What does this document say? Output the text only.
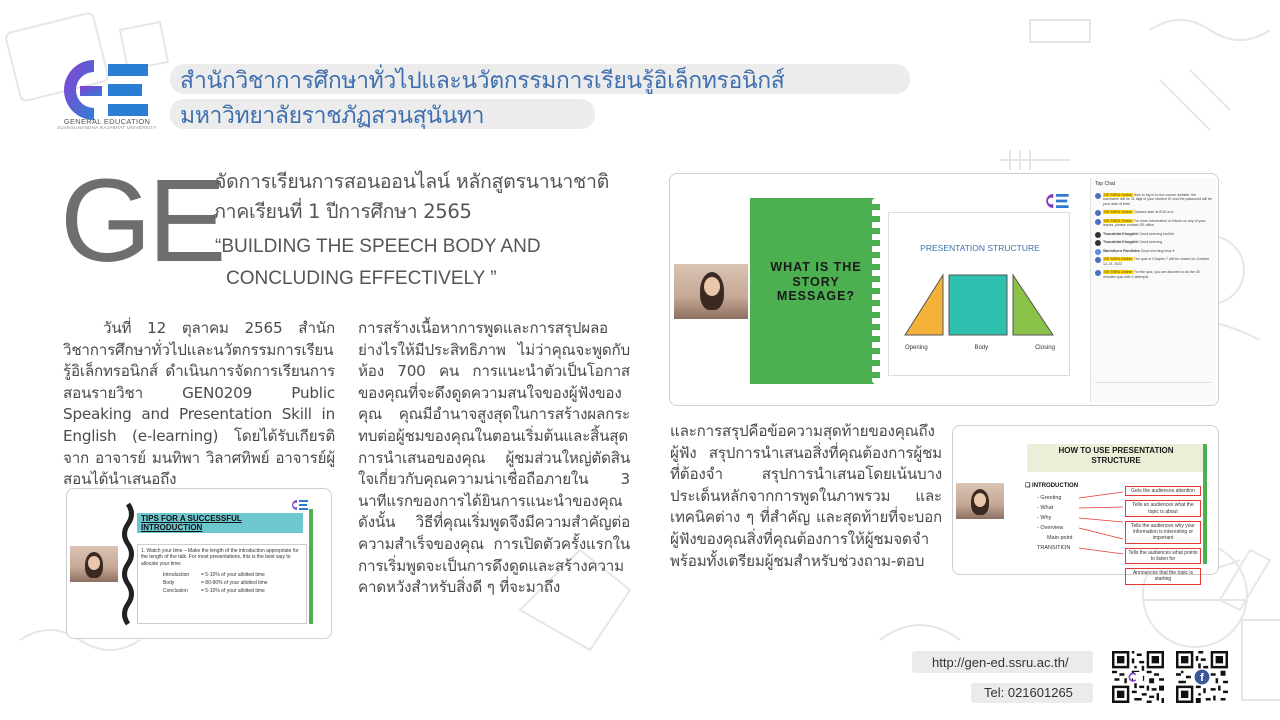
GENERAL EDUCATION
SUANSUNANDHA RAJABHAT UNIVERSITY
สำนักวิชาการศึกษาทั่วไปและนวัตกรรมการเรียนรู้อิเล็กทรอนิกส์
มหาวิทยาลัยราชภัฏสวนสุนันทา
GE
จัดการเรียนการสอนออนไลน์ หลักสูตรนานาชาติ
ภาคเรียนที่ 1 ปีการศึกษา 2565
“BUILDING THE SPEECH BODY AND
CONCLUDING EFFECTIVELY ”
วันที่ 12 ตุลาคม 2565 สำนักวิชาการศึกษาทั่วไปและนวัตกรรมการเรียนรู้อิเล็กทรอนิกส์ ดำเนินการจัดการเรียนการสอนรายวิชา GEN0209 Public Speaking and Presentation Skill in English (e-learning) โดยได้รับเกียรติจาก อาจารย์ มนทิพา วิลาศทิพย์ อาจารย์ผู้สอนได้นำเสนอถึง
การสร้างเนื้อหาการพูดและการสรุปผลอย่างไรให้มีประสิทธิภาพ ไม่ว่าคุณจะพูดกับห้อง 700 คน การแนะนำตัวเป็นโอกาสของคุณที่จะดึงดูดความสนใจของผู้ฟังของคุณ คุณมีอำนาจสูงสุดในการสร้างผลกระทบต่อผู้ชมของคุณในตอนเริ่มต้นและสิ้นสุดการนำเสนอของคุณ ผู้ชมส่วนใหญ่ตัดสินใจเกี่ยวกับคุณความน่าเชื่อถือภายใน 3 นาทีแรกของการได้ยินการแนะนำของคุณดังนั้น วิธีที่คุณเริ่มพูดจึงมีความสำคัญต่อความสำเร็จของคุณ การเปิดตัวครั้งแรกในการเริ่มพูดจะเป็นการดึงดูดและสร้างความคาดหวังสำหรับสิ่งดี ๆ ที่จะมาถึง
และการสรุปคือข้อความสุดท้ายของคุณถึงผู้ฟัง สรุปการนำเสนอสิ่งที่คุณต้องการผู้ชมที่ต้องจำ สรุปการนำเสนอโดยเน้นบางประเด็นหลักจากการพูดในภาพรวม และเทคนิคต่าง ๆ ที่สำคัญ และสุดท้ายที่จะบอกผู้ฟังของคุณสิ่งที่คุณต้องการให้ผู้ชมจดจำ พร้อมทั้งเตรียมผู้ชมสำหรับช่วงถาม-ตอบ
TIPS FOR A SUCCESSFUL INTRODUCTION
1. Watch your time – Make the length of the introduction appropriate for the length of the talk. For most presentations, this is the best way to allocate your time:
Introduction	= 5-10% of your allotted time
Body	= 80-90% of your allotted time
Conclusion	= 5-10% of your allotted time
WHAT IS THE STORY MESSAGE?
PRESENTATION STRUCTURE
Opening	Body	Closing
Top Chat
GE SSRU Online How to log in to the course website, the username will be 11 digit of your student ID and the password will be your date of birth
GE SSRU Online Classes start at 8:30 a.m.
GE SSRU Online For more information or inform us any of your issues, please contact GE office
Thanakrita Khaypitel Good morning krukhh
Thanakrita Khaypitel Good morning
Warinthorn Pandhitra Good morning krua ♥
GE SSRU Online The quiz of Chapter 7 will be closed on October 12-19, 2022
GE SSRU Online For the quiz, you are allowed to do the 30 minutes quiz with 2 attempts
HOW TO USE PRESENTATION STRUCTURE
❑ INTRODUCTION
- Greeting
- What
- Why
- Overview
Main point
TRANSITION
Gets the audiences attention
Tells an audiences what the topic is about
Tells the audiences why your information is interesting or important
Tells the audiences what points to listen for
Announces that the topic is starting
http://gen-ed.ssru.ac.th/
Tel: 021601265
f
